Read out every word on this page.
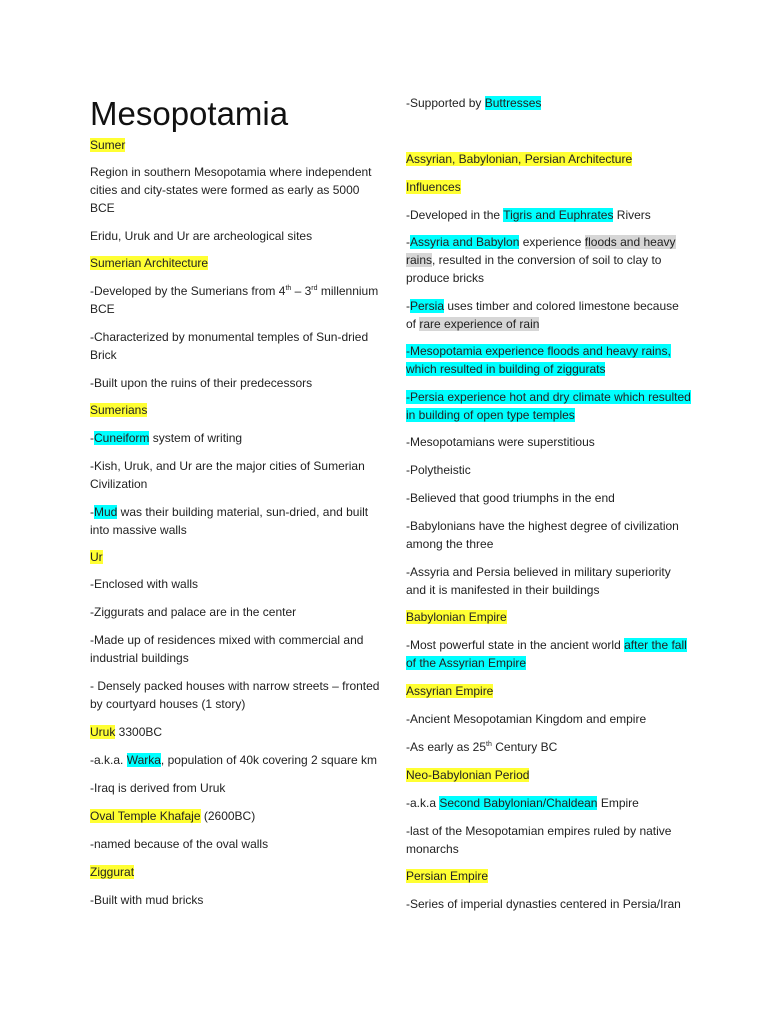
Mesopotamia

Sumer

Region in southern Mesopotamia where independent cities and city-states were formed as early as 5000 BCE

Eridu, Uruk and Ur are archeological sites

Sumerian Architecture

-Developed by the Sumerians from 4th – 3rd millennium BCE

-Characterized by monumental temples of Sun-dried Brick

-Built upon the ruins of their predecessors

Sumerians

-Cuneiform system of writing

-Kish, Uruk, and Ur are the major cities of Sumerian Civilization

-Mud was their building material, sun-dried, and built into massive walls

Ur

-Enclosed with walls

-Ziggurats and palace are in the center

-Made up of residences mixed with commercial and industrial buildings

- Densely packed houses with narrow streets – fronted by courtyard houses (1 story)

Uruk 3300BC

-a.k.a. Warka, population of 40k covering 2 square km

-Iraq is derived from Uruk

Oval Temple Khafaje (2600BC)

-named because of the oval walls

Ziggurat

-Built with mud bricks

-Supported by Buttresses

Assyrian, Babylonian, Persian Architecture

Influences

-Developed in the Tigris and Euphrates Rivers

-Assyria and Babylon experience floods and heavy rains, resulted in the conversion of soil to clay to produce bricks

-Persia uses timber and colored limestone because of rare experience of rain

-Mesopotamia experience floods and heavy rains, which resulted in building of ziggurats

-Persia experience hot and dry climate which resulted in building of open type temples

-Mesopotamians were superstitious

-Polytheistic

-Believed that good triumphs in the end

-Babylonians have the highest degree of civilization among the three

-Assyria and Persia believed in military superiority and it is manifested in their buildings

Babylonian Empire

-Most powerful state in the ancient world after the fall of the Assyrian Empire

Assyrian Empire

-Ancient Mesopotamian Kingdom and empire

-As early as 25th Century BC

Neo-Babylonian Period

-a.k.a Second Babylonian/Chaldean Empire

-last of the Mesopotamian empires ruled by native monarchs

Persian Empire

-Series of imperial dynasties centered in Persia/Iran
